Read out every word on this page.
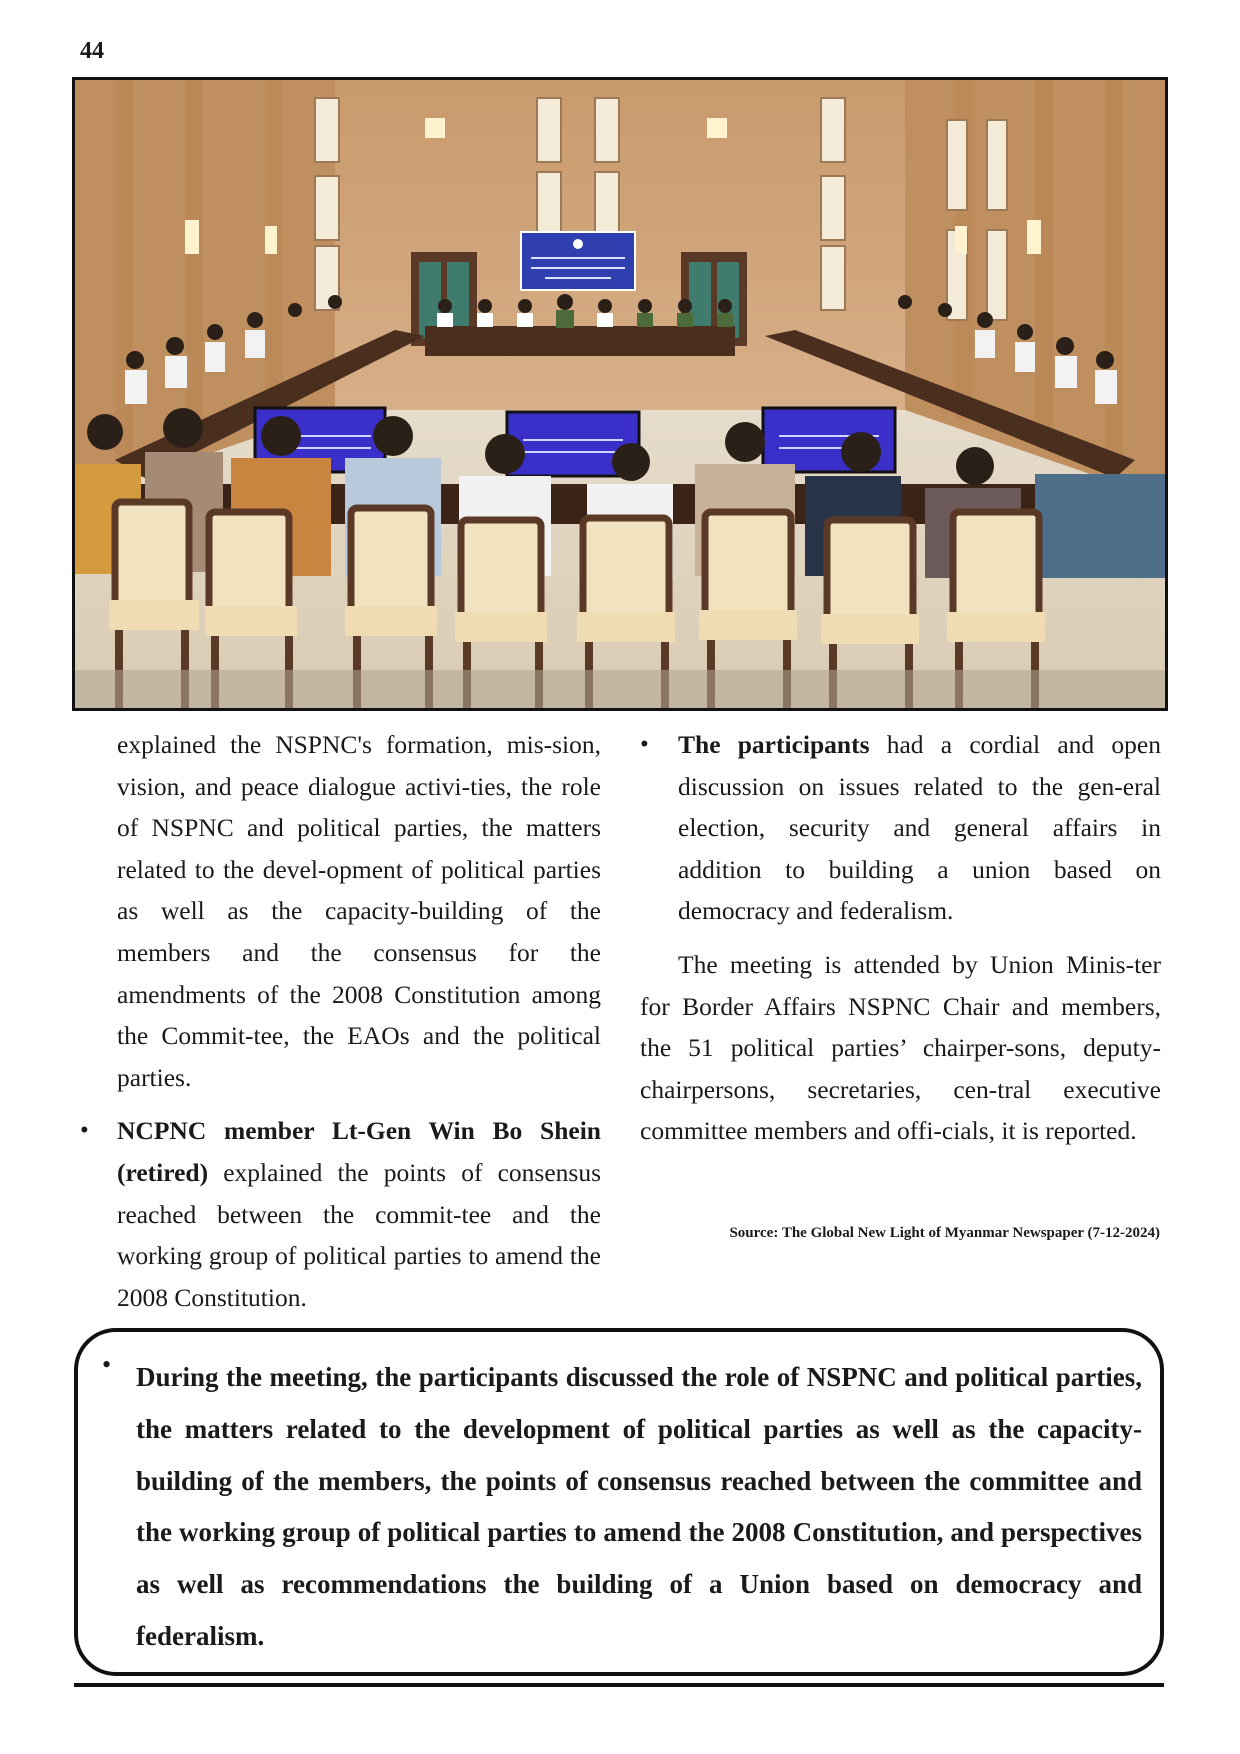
44

explained the NSPNC's formation, mis-sion, vision, and peace dialogue activi-ties, the role of NSPNC and political parties, the matters related to the devel-opment of political parties as well as the capacity-building of the members and the consensus for the amendments of the 2008 Constitution among the Commit-tee, the EAOs and the political parties.

• NCPNC member Lt-Gen Win Bo Shein (retired) explained the points of consensus reached between the commit-tee and the working group of political parties to amend the 2008 Constitution.

• The participants had a cordial and open discussion on issues related to the gen-eral election, security and general affairs in addition to building a union based on democracy and federalism.

The meeting is attended by Union Minis-ter for Border Affairs NSPNC Chair and members, the 51 political parties’ chairper-sons, deputy-chairpersons, secretaries, cen-tral executive committee members and offi-cials, it is reported.

Source: The Global New Light of Myanmar Newspaper (7-12-2024)
• During the meeting, the participants discussed the role of NSPNC and political parties, the matters related to the development of political parties as well as the capacity-building of the members, the points of consensus reached between the committee and the working group of political parties to amend the 2008 Constitution, and perspectives as well as recommendations the building of a Union based on democracy and federalism.
